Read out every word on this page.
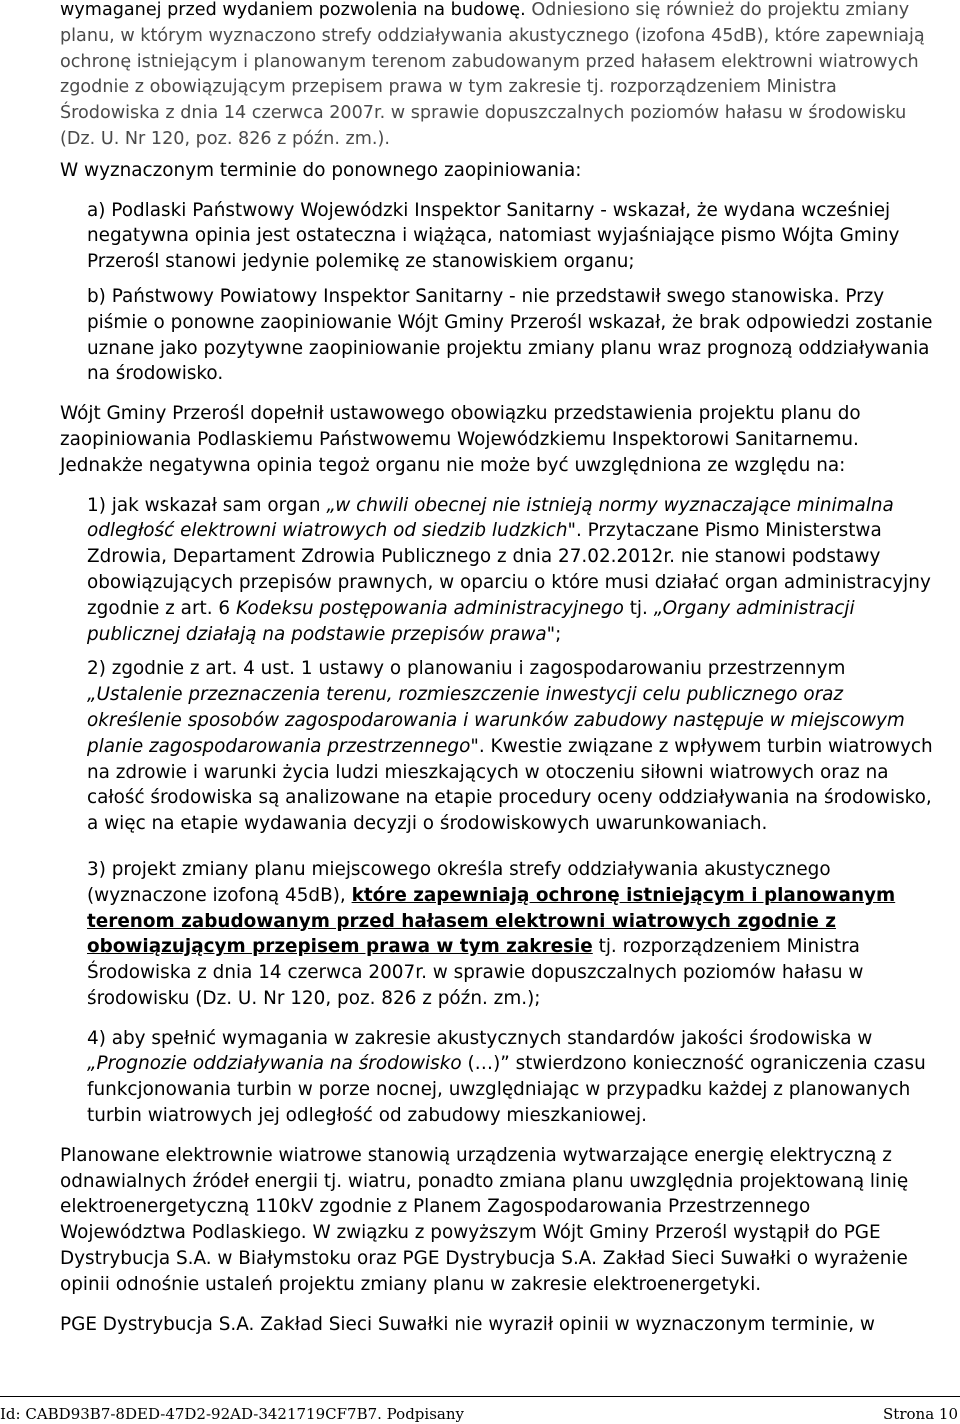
wymaganej przed wydaniem pozwolenia na budowę. Odniesiono się również do projektu zmiany planu, w którym wyznaczono strefy oddziaływania akustycznego (izofona 45dB), które zapewniają ochronę istniejącym i planowanym terenom zabudowanym przed hałasem elektrowni wiatrowych zgodnie z obowiązującym przepisem prawa w tym zakresie tj. rozporządzeniem Ministra Środowiska z dnia 14 czerwca 2007r. w sprawie dopuszczalnych poziomów hałasu w środowisku (Dz. U. Nr 120, poz. 826 z późn. zm.).

W wyznaczonym terminie do ponownego zaopiniowania:

a) Podlaski Państwowy Wojewódzki Inspektor Sanitarny - wskazał, że wydana wcześniej negatywna opinia jest ostateczna i wiążąca, natomiast wyjaśniające pismo Wójta Gminy Przerośl stanowi jedynie polemikę ze stanowiskiem organu;

b) Państwowy Powiatowy Inspektor Sanitarny - nie przedstawił swego stanowiska. Przy piśmie o ponowne zaopiniowanie Wójt Gminy Przerośl wskazał, że brak odpowiedzi zostanie uznane jako pozytywne zaopiniowanie projektu zmiany planu wraz prognozą oddziaływania na środowisko.

Wójt Gminy Przerośl dopełnił ustawowego obowiązku przedstawienia projektu planu do zaopiniowania Podlaskiemu Państwowemu Wojewódzkiemu Inspektorowi Sanitarnemu. Jednakże negatywna opinia tegoż organu nie może być uwzględniona ze względu na:

1) jak wskazał sam organ „w chwili obecnej nie istnieją normy wyznaczające minimalna odległość elektrowni wiatrowych od siedzib ludzkich". Przytaczane Pismo Ministerstwa Zdrowia, Departament Zdrowia Publicznego z dnia 27.02.2012r. nie stanowi podstawy obowiązujących przepisów prawnych, w oparciu o które musi działać organ administracyjny zgodnie z art. 6 Kodeksu postępowania administracyjnego tj. „Organy administracji publicznej działają na podstawie przepisów prawa";

2) zgodnie z art. 4 ust. 1 ustawy o planowaniu i zagospodarowaniu przestrzennym „Ustalenie przeznaczenia terenu, rozmieszczenie inwestycji celu publicznego oraz określenie sposobów zagospodarowania i warunków zabudowy następuje w miejscowym planie zagospodarowania przestrzennego". Kwestie związane z wpływem turbin wiatrowych na zdrowie i warunki życia ludzi mieszkających w otoczeniu siłowni wiatrowych oraz na całość środowiska są analizowane na etapie procedury oceny oddziaływania na środowisko, a więc na etapie wydawania decyzji o środowiskowych uwarunkowaniach.

3) projekt zmiany planu miejscowego określa strefy oddziaływania akustycznego (wyznaczone izofoną 45dB), które zapewniają ochronę istniejącym i planowanym terenom zabudowanym przed hałasem elektrowni wiatrowych zgodnie z obowiązującym przepisem prawa w tym zakresie tj. rozporządzeniem Ministra Środowiska z dnia 14 czerwca 2007r. w sprawie dopuszczalnych poziomów hałasu w środowisku (Dz. U. Nr 120, poz. 826 z późn. zm.);

4) aby spełnić wymagania w zakresie akustycznych standardów jakości środowiska w „Prognozie oddziaływania na środowisko (…)” stwierdzono konieczność ograniczenia czasu funkcjonowania turbin w porze nocnej, uwzględniając w przypadku każdej z planowanych turbin wiatrowych jej odległość od zabudowy mieszkaniowej.

Planowane elektrownie wiatrowe stanowią urządzenia wytwarzające energię elektryczną z odnawialnych źródeł energii tj. wiatru, ponadto zmiana planu uwzględnia projektowaną linię elektroenergetyczną 110kV zgodnie z Planem Zagospodarowania Przestrzennego Województwa Podlaskiego. W związku z powyższym Wójt Gminy Przerośl wystąpił do PGE Dystrybucja S.A. w Białymstoku oraz PGE Dystrybucja S.A. Zakład Sieci Suwałki o wyrażenie opinii odnośnie ustaleń projektu zmiany planu w zakresie elektroenergetyki.

PGE Dystrybucja S.A. Zakład Sieci Suwałki nie wyraził opinii w wyznaczonym terminie, w

Id: CABD93B7-8DED-47D2-92AD-3421719CF7B7. Podpisany	Strona 10
